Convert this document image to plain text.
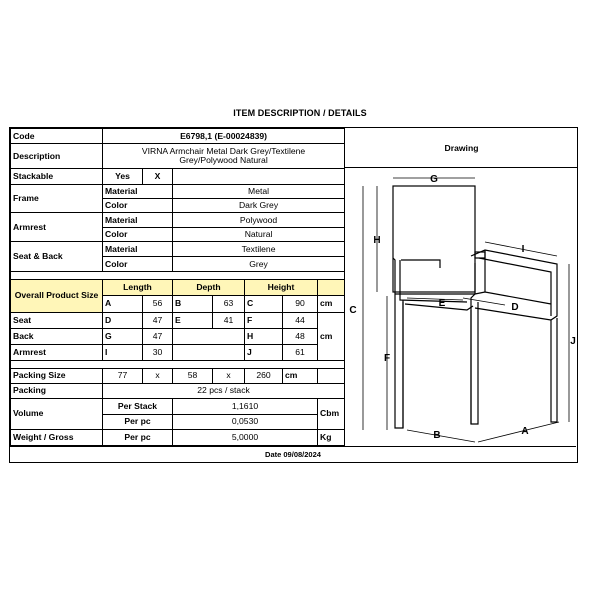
ITEM DESCRIPTION / DETAILS
Code	E6798,1 (E-00024839)						
Description	VIRNA Armchair Metal Dark Grey/Textilene
Grey/Polywood Natural						

Stackable	Yes	X					
Frame	Material		Metal				
	Color		Dark Grey				
Armrest	Material		Polywood				
	Color		Natural				
Seat & Back	Material		Textilene				
	Color		Grey				

Overall Product Size	Length		Depth		Height		
	A	56	B	63	C	90	cm
Seat	D	47	E	41	F	44	cm
Back	G	47			H	48	
Armrest	I	30			J	61	

Packing Size	77	x	58	x	260	cm	
Packing	22 pcs / stack						
Volume	Per Stack		1,1610				Cbm
	Per pc		0,0530				
Weight / Gross	Per pc		5,0000				Kg
Drawing
G
H
C
F
I
J
E	D
B	A
Date 09/08/2024
